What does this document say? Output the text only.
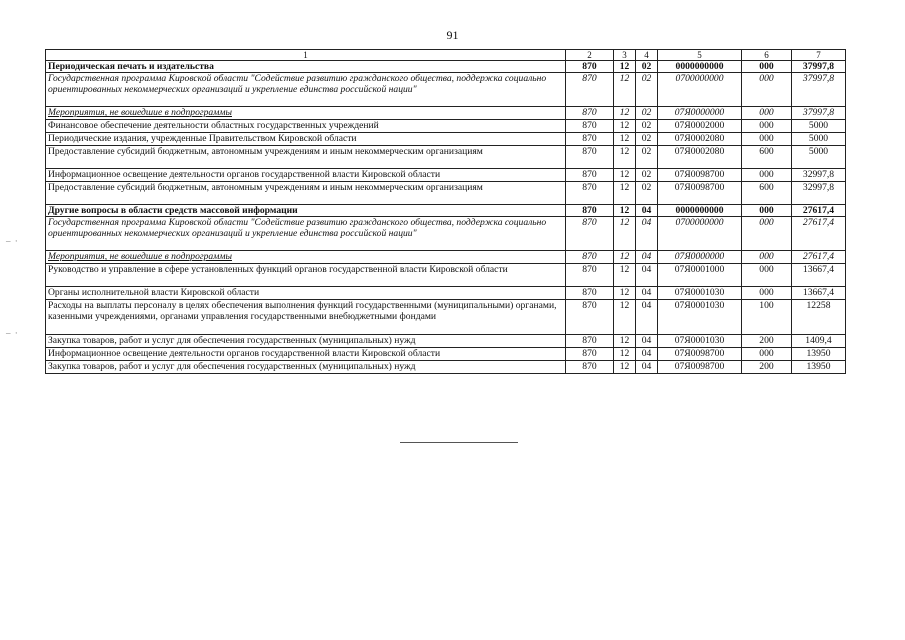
91
1	2	3	4	5	6	7
Периодическая печать и издательства	870	12	02	0000000000	000	37997,8
Государственная программа Кировской области "Содействие развитию гражданского общества, поддержка социально ориентированных некоммерческих организаций и укрепление единства российской нации"	870	12	02	0700000000	000	37997,8
Мероприятия, не вошедшие в подпрограммы	870	12	02	07Я0000000	000	37997,8
Финансовое обеспечение деятельности областных государственных учреждений	870	12	02	07Я0002000	000	5000
Периодические издания, учрежденные Правительством Кировской области	870	12	02	07Я0002080	000	5000
Предоставление субсидий бюджетным, автономным учреждениям и иным некоммерческим организациям	870	12	02	07Я0002080	600	5000
Информационное освещение деятельности органов государственной власти Кировской области	870	12	02	07Я0098700	000	32997,8
Предоставление субсидий бюджетным, автономным учреждениям и иным некоммерческим организациям	870	12	02	07Я0098700	600	32997,8
Другие вопросы в области средств массовой информации	870	12	04	0000000000	000	27617,4
Государственная программа Кировской области "Содействие развитию гражданского общества, поддержка социально ориентированных некоммерческих организаций и укрепление единства российской нации"	870	12	04	0700000000	000	27617,4
Мероприятия, не вошедшие в подпрограммы	870	12	04	07Я0000000	000	27617,4
Руководство и управление в сфере установленных функций органов государственной власти Кировской области	870	12	04	07Я0001000	000	13667,4
Органы исполнительной власти Кировской области	870	12	04	07Я0001030	000	13667,4
Расходы на выплаты персоналу в целях обеспечения выполнения функций государственными (муниципальными) органами, казенными учреждениями, органами управления государственными внебюджетными фондами	870	12	04	07Я0001030	100	12258
Закупка товаров, работ и услуг для обеспечения государственных (муниципальных) нужд	870	12	04	07Я0001030	200	1409,4
Информационное освещение деятельности органов государственной власти Кировской области	870	12	04	07Я0098700	000	13950
Закупка товаров, работ и услуг для обеспечения государственных (муниципальных) нужд	870	12	04	07Я0098700	200	13950
– ·
– ·
